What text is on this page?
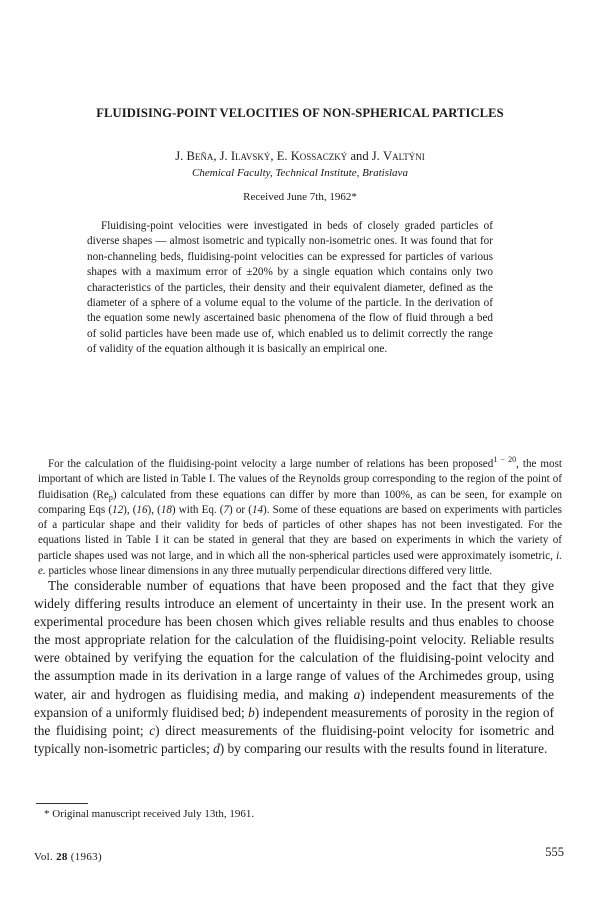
FLUIDISING-POINT VELOCITIES OF NON-SPHERICAL PARTICLES
J. Beňa, J. Ilavský, E. Kossaczký and J. Valtýni
Chemical Faculty, Technical Institute, Bratislava
Received June 7th, 1962*

Fluidising-point velocities were investigated in beds of closely graded particles of diverse shapes — almost isometric and typically non-isometric ones. It was found that for non-channeling beds, fluidising-point velocities can be expressed for particles of various shapes with a maximum error of ±20% by a single equation which contains only two characteristics of the particles, their density and their equivalent diameter, defined as the diameter of a sphere of a volume equal to the volume of the particle. In the derivation of the equation some newly ascertained basic phenomena of the flow of fluid through a bed of solid particles have been made use of, which enabled us to delimit correctly the range of validity of the equation although it is basically an empirical one.

For the calculation of the fluidising-point velocity a large number of relations has been proposed$^{1 - 20}$, the most important of which are listed in Table I. The values of the Reynolds group corresponding to the region of the point of fluidisation $(Re_p)$ calculated from these equations can differ by more than 100%, as can be seen, for example on comparing Eqs (12), (16), (18) with Eq. (7) or (14). Some of these equations are based on experiments with particles of a particular shape and their validity for beds of particles of other shapes has not been investigated. For the equations listed in Table I it can be stated in general that they are based on experiments in which the variety of particle shapes used was not large, and in which all the non-spherical particles used were approximately isometric, i. e. particles whose linear dimensions in any three mutually perpendicular directions differed very little.

The considerable number of equations that have been proposed and the fact that they give widely differing results introduce an element of uncertainty in their use. In the present work an experimental procedure has been chosen which gives reliable results and thus enables to choose the most appropriate relation for the calculation of the fluidising-point velocity. Reliable results were obtained by verifying the equation for the calculation of the fluidising-point velocity and the assumption made in its derivation in a large range of values of the Archimedes group, using water, air and hydrogen as fluidising media, and making a) independent measurements of the expansion of a uniformly fluidised bed; b) independent measurements of porosity in the region of the fluidising point; c) direct measurements of the fluidising-point velocity for isometric and typically non-isometric particles; d) by comparing our results with the results found in literature.

* Original manuscript received July 13th, 1961.
Vol. 28 (1963)	555
